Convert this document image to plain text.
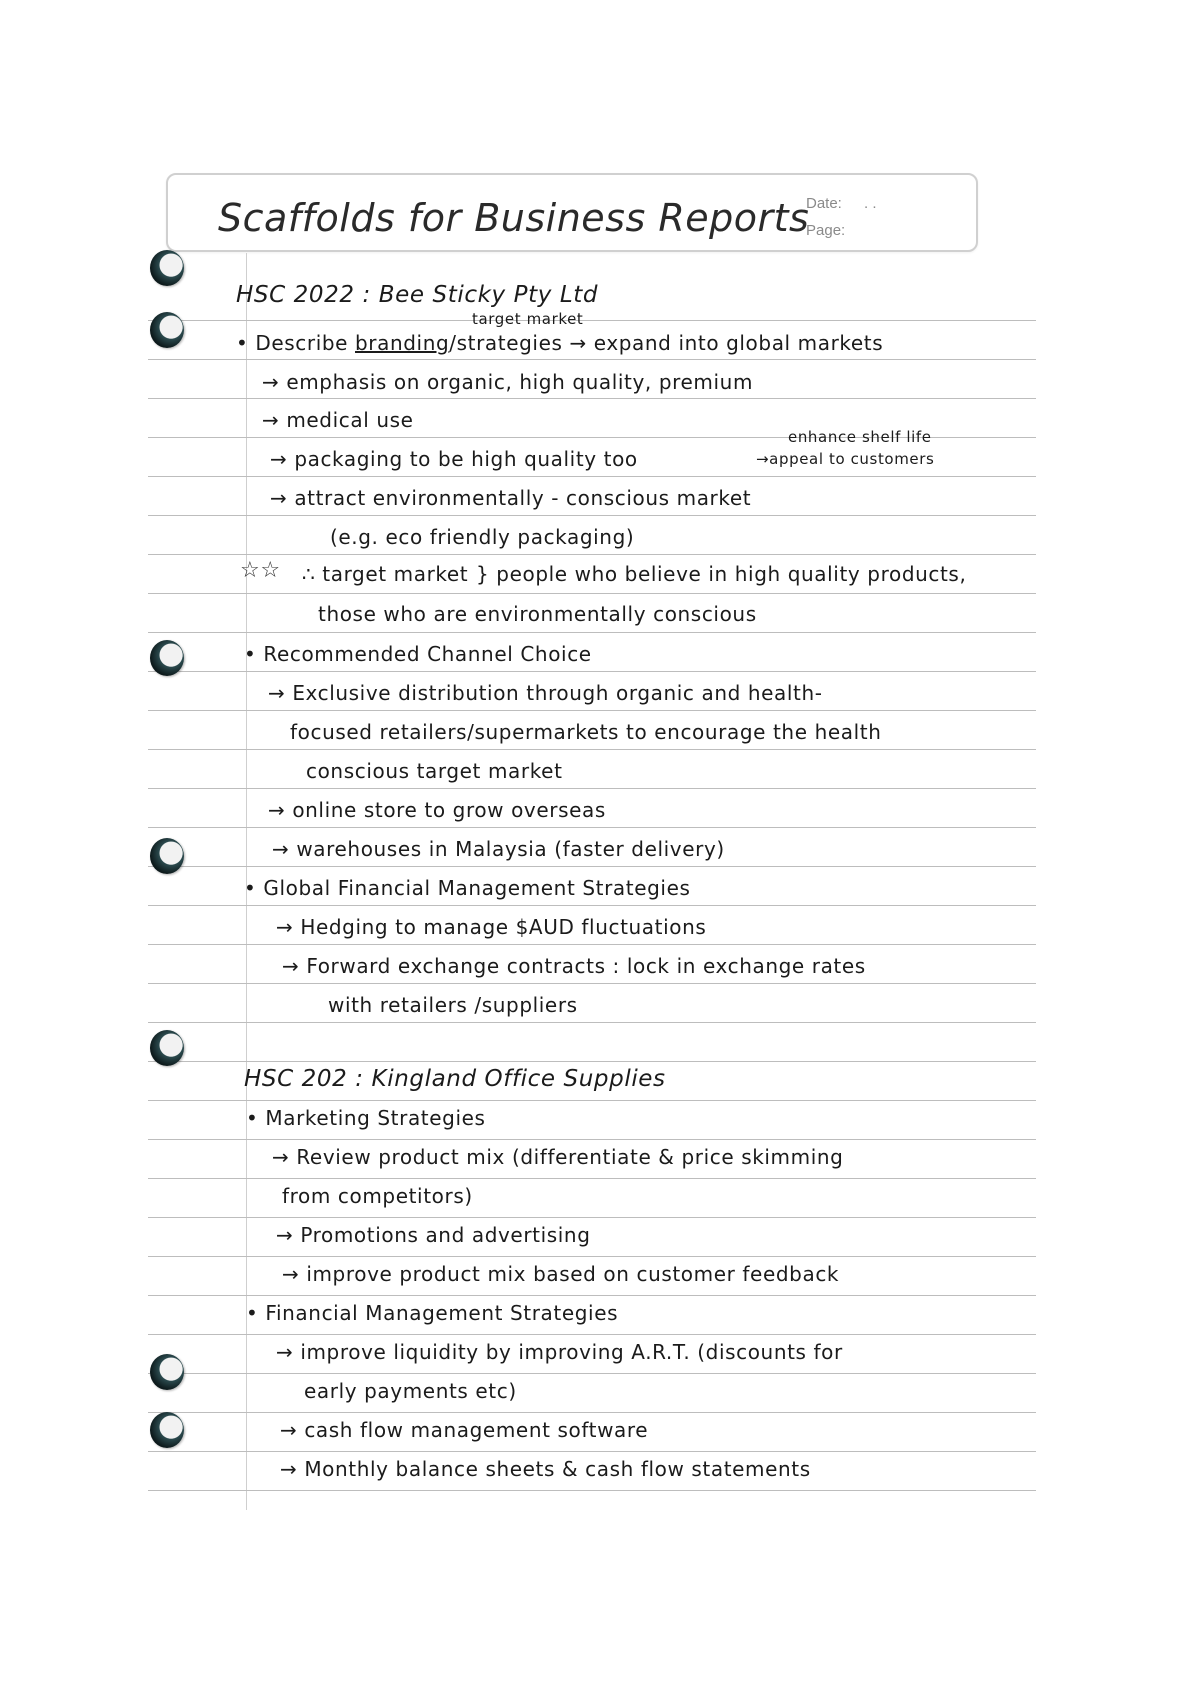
Scaffolds for Business Reports
Date: . .
Page:
HSC 2022 : Bee Sticky Pty Ltd
target market
• Describe branding/strategies → expand into global markets
→ emphasis on organic, high quality, premium
→ medical use
enhance shelf life
→ packaging to be high quality too	→appeal to customers
→ attract environmentally - conscious market
(e.g. eco friendly packaging)
☆☆ ∴ target market } people who believe in high quality products,
those who are environmentally conscious
• Recommended Channel Choice
→ Exclusive distribution through organic and health-
focused retailers/supermarkets to encourage the health
conscious target market
→ online store to grow overseas
→ warehouses in Malaysia (faster delivery)
• Global Financial Management Strategies
→ Hedging to manage $AUD fluctuations
→ Forward exchange contracts : lock in exchange rates
with retailers /suppliers
HSC 202 : Kingland Office Supplies
• Marketing Strategies
→ Review product mix (differentiate & price skimming
from competitors)
→ Promotions and advertising
→ improve product mix based on customer feedback
• Financial Management Strategies
→ improve liquidity by improving A.R.T. (discounts for
early payments etc)
→ cash flow management software
→ Monthly balance sheets & cash flow statements
